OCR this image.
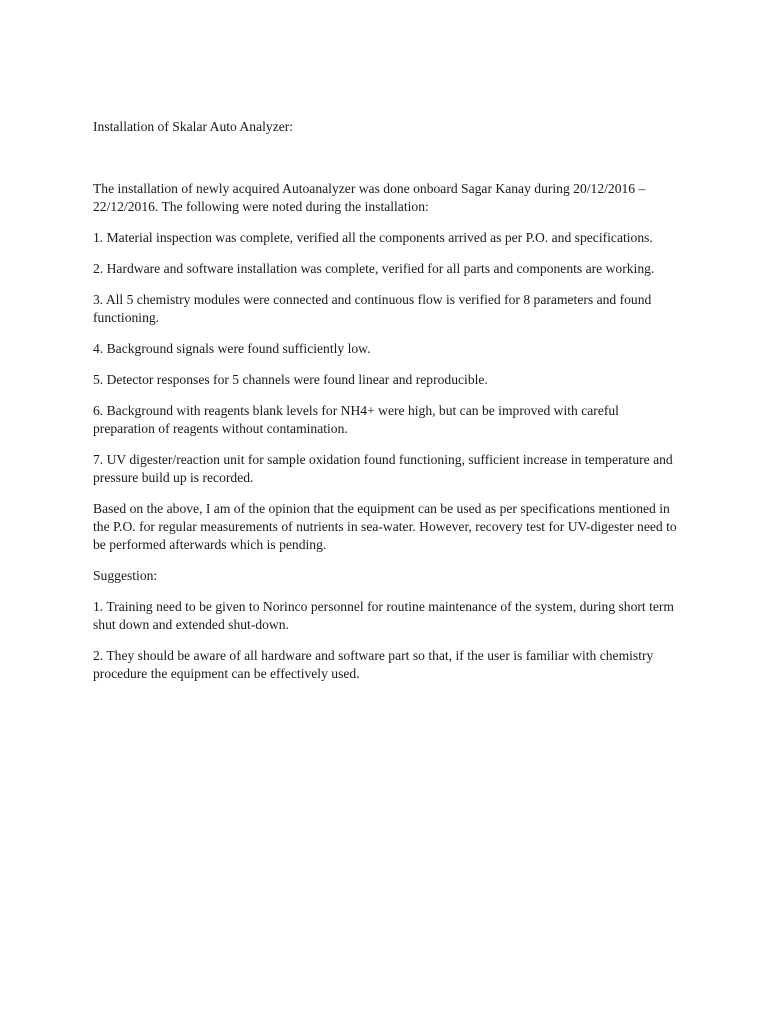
Installation of Skalar Auto Analyzer:

The installation of newly acquired Autoanalyzer was done onboard Sagar Kanay during 20/12/2016 – 22/12/2016. The following were noted during the installation:

1. Material inspection was complete, verified all the components arrived as per P.O. and specifications.

2. Hardware and software installation was complete, verified for all parts and components are working.

3. All 5 chemistry modules were connected and continuous flow is verified for 8 parameters and found functioning.

4. Background signals were found sufficiently low.

5. Detector responses for 5 channels were found linear and reproducible.

6. Background with reagents blank levels for NH4+ were high, but can be improved with careful preparation of reagents without contamination.

7. UV digester/reaction unit for sample oxidation found functioning, sufficient increase in temperature and pressure build up is recorded.

Based on the above, I am of the opinion that the equipment can be used as per specifications mentioned in the P.O. for regular measurements of nutrients in sea-water. However, recovery test for UV-digester need to be performed afterwards which is pending.

Suggestion:

1. Training need to be given to Norinco personnel for routine maintenance of the system, during short term shut down and extended shut-down.

2. They should be aware of all hardware and software part so that, if the user is familiar with chemistry procedure the equipment can be effectively used.
